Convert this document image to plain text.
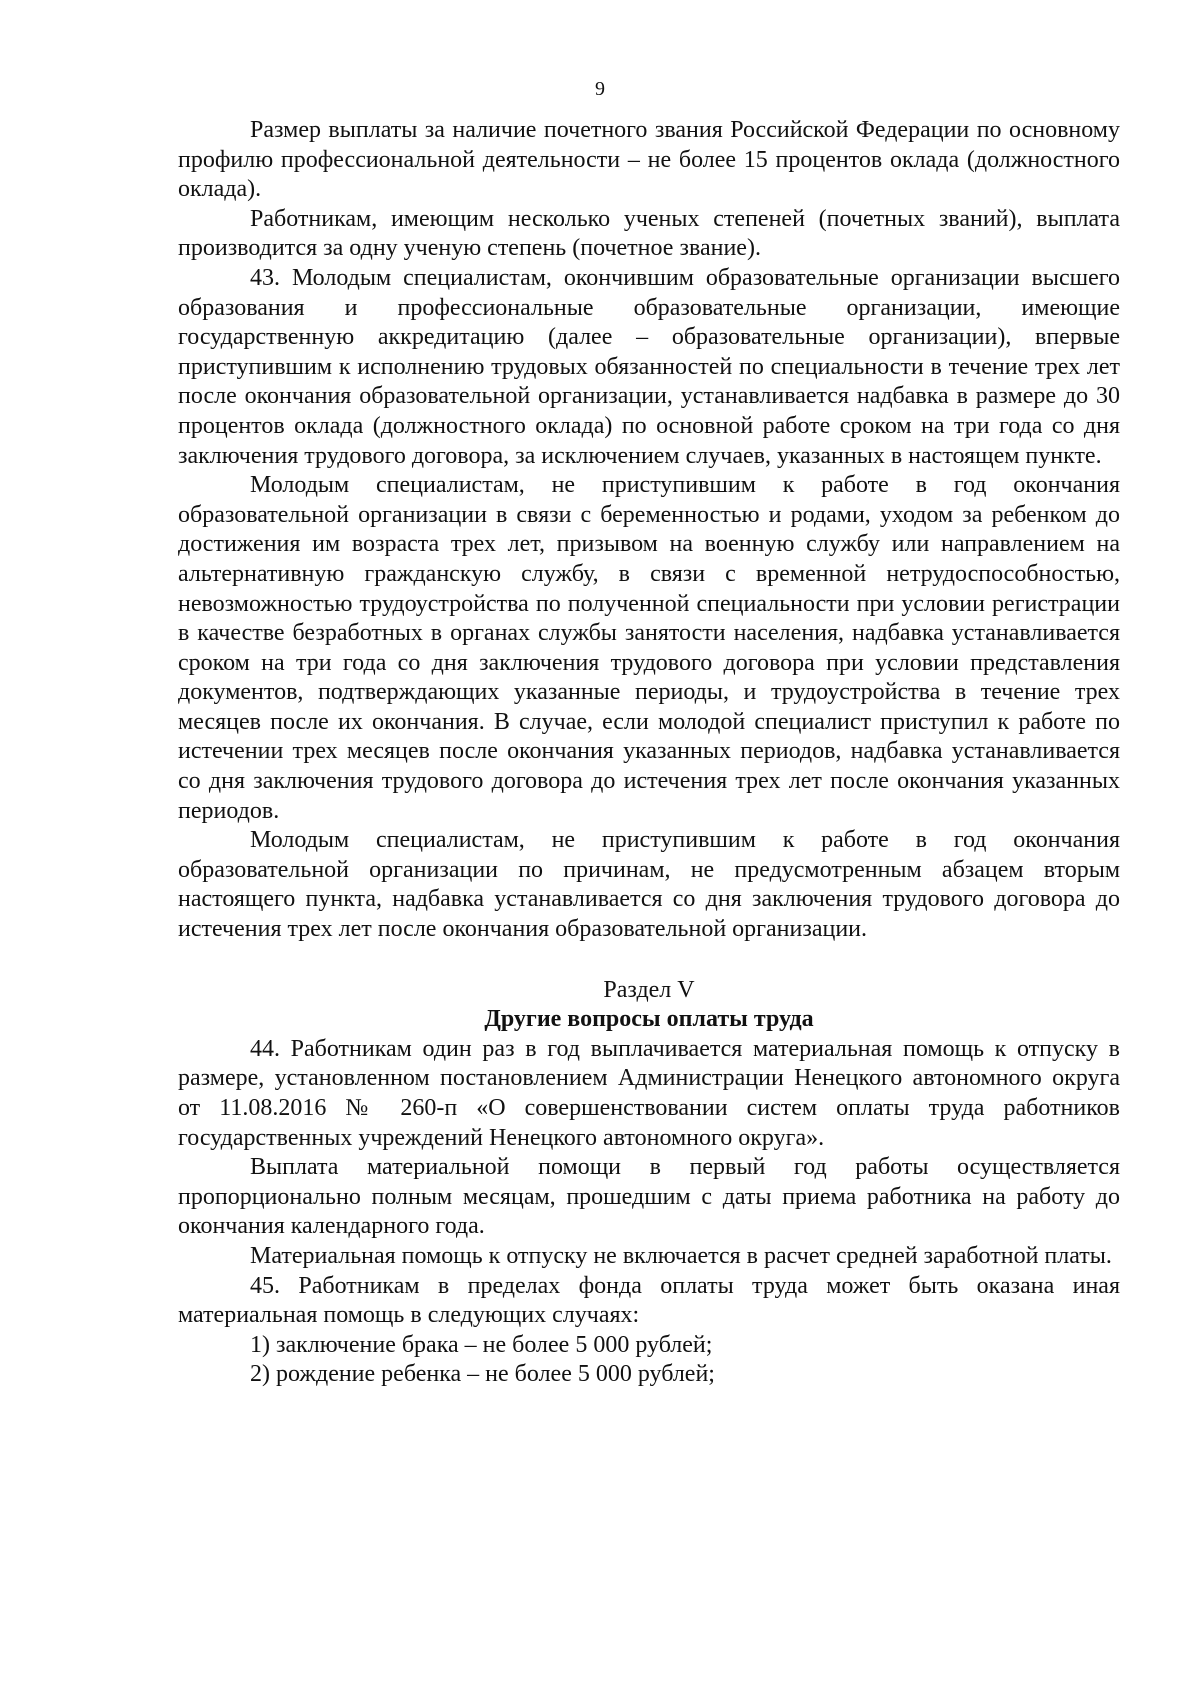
9

Размер выплаты за наличие почетного звания Российской Федерации по основному профилю профессиональной деятельности – не более 15 процентов оклада (должностного оклада).

Работникам, имеющим несколько ученых степеней (почетных званий), выплата производится за одну ученую степень (почетное звание).

43. Молодым специалистам, окончившим образовательные организации высшего образования и профессиональные образовательные организации, имеющие государственную аккредитацию (далее – образовательные организации), впервые приступившим к исполнению трудовых обязанностей по специальности в течение трех лет после окончания образовательной организации, устанавливается надбавка в размере до 30 процентов оклада (должностного оклада) по основной работе сроком на три года со дня заключения трудового договора, за исключением случаев, указанных в настоящем пункте.

Молодым специалистам, не приступившим к работе в год окончания образовательной организации в связи с беременностью и родами, уходом за ребенком до достижения им возраста трех лет, призывом на военную службу или направлением на альтернативную гражданскую службу, в связи с временной нетрудоспособностью, невозможностью трудоустройства по полученной специальности при условии регистрации в качестве безработных в органах службы занятости населения, надбавка устанавливается сроком на три года со дня заключения трудового договора при условии представления документов, подтверждающих указанные периоды, и трудоустройства в течение трех месяцев после их окончания. В случае, если молодой специалист приступил к работе по истечении трех месяцев после окончания указанных периодов, надбавка устанавливается со дня заключения трудового договора до истечения трех лет после окончания указанных периодов.

Молодым специалистам, не приступившим к работе в год окончания образовательной организации по причинам, не предусмотренным абзацем вторым настоящего пункта, надбавка устанавливается со дня заключения трудового договора до истечения трех лет после окончания образовательной организации.

Раздел V
Другие вопросы оплаты труда

44. Работникам один раз в год выплачивается материальная помощь к отпуску в размере, установленном постановлением Администрации Ненецкого автономного округа от 11.08.2016 № 260-п «О совершенствовании систем оплаты труда работников государственных учреждений Ненецкого автономного округа».

Выплата материальной помощи в первый год работы осуществляется пропорционально полным месяцам, прошедшим с даты приема работника на работу до окончания календарного года.

Материальная помощь к отпуску не включается в расчет средней заработной платы.

45. Работникам в пределах фонда оплаты труда может быть оказана иная материальная помощь в следующих случаях:

1) заключение брака – не более 5 000 рублей;

2) рождение ребенка – не более 5 000 рублей;
